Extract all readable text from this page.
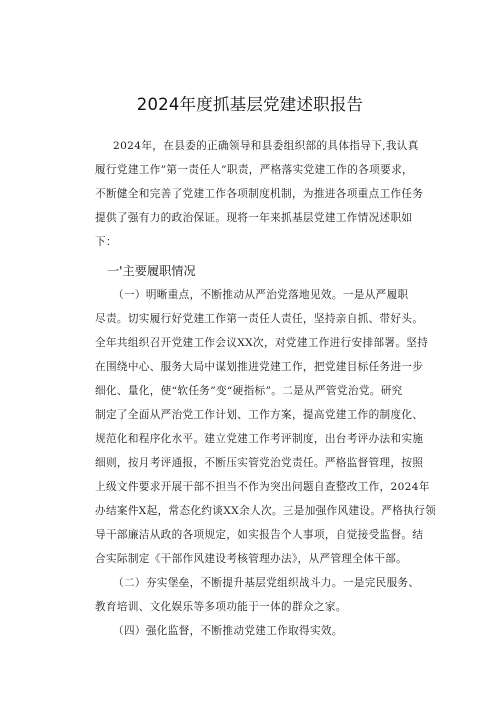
2024年度抓基层党建述职报告
2024年，在县委的正确领导和县委组织部的具体指导下,我认真
履行党建工作”第一责任人”职责，严格落实党建工作的各项要求，
不断健全和完善了党建工作各项制度机制，为推进各项重点工作任务
提供了强有力的政治保证。现将一年来抓基层党建工作情况述职如
下：
一'主要履职情况
（一）明晰重点，不断推动从严治党落地见效。一是从严履职
尽责。切实履行好党建工作第一责任人责任，坚持亲自抓、带好头。
全年共组织召开党建工作会议XX次，对党建工作进行安排部署。坚持
在围绕中心、服务大局中谋划推进党建工作，把党建目标任务进一步
细化、量化，使“软任务”变“硬指标”。二是从严管党治党。研究
制定了全面从严治党工作计划、工作方案，提高党建工作的制度化、
规范化和程序化水平。建立党建工作考评制度，出台考评办法和实施
细则，按月考评通报，不断压实管党治党责任。严格监督管理，按照
上级文件要求开展干部不担当不作为突出问题自查整改工作，2024年
办结案件X起，常态化约谈XX余人次。三是加强作风建设。严格执行领
导干部廉洁从政的各项规定，如实报告个人事项，自觉接受监督。结
合实际制定《干部作风建设考核管理办法》，从严管理全体干部。
（二）夯实堡垒，不断提升基层党组织战斗力。一是完民服务、
教育培训、文化娱乐等多项功能于一体的群众之家。
（四）强化监督，不断推动党建工作取得实效。
